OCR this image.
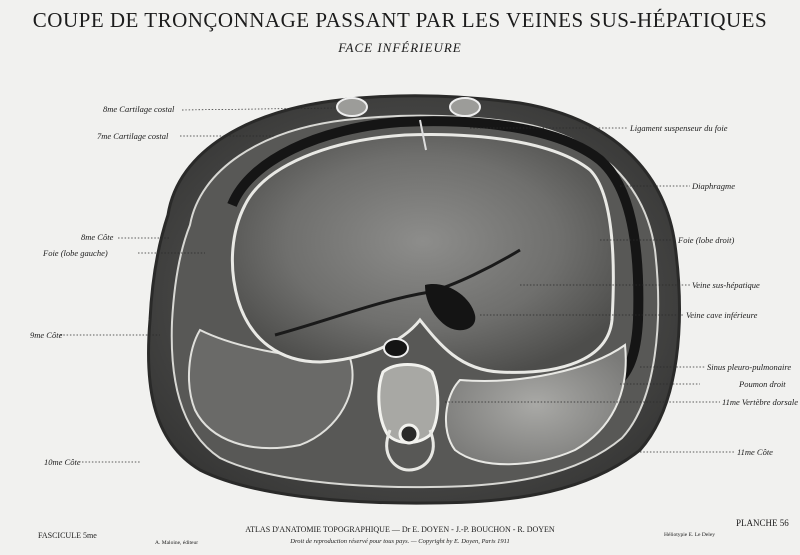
COUPE DE TRONÇONNAGE PASSANT PAR LES VEINES SUS-HÉPATIQUES
FACE INFÉRIEURE
8me Cartilage costal
7me Cartilage costal
8me Côte
Foie (lobe gauche)
9me Côte
10me Côte
Ligament suspenseur du foie
Diaphragme
Foie (lobe droit)
Veine sus-hépatique
Veine cave inférieure
Sinus pleuro-pulmonaire
Poumon droit
11me Vertèbre dorsale
11me Côte
FASCICULE 5me
A. Maloine, éditeur
ATLAS D'ANATOMIE TOPOGRAPHIQUE — Dr E. DOYEN - J.-P. BOUCHON - R. DOYEN
Droit de reproduction réservé pour tous pays. — Copyright by E. Doyen, Paris 1911
PLANCHE 56
Héliotypie E. Le Deley
